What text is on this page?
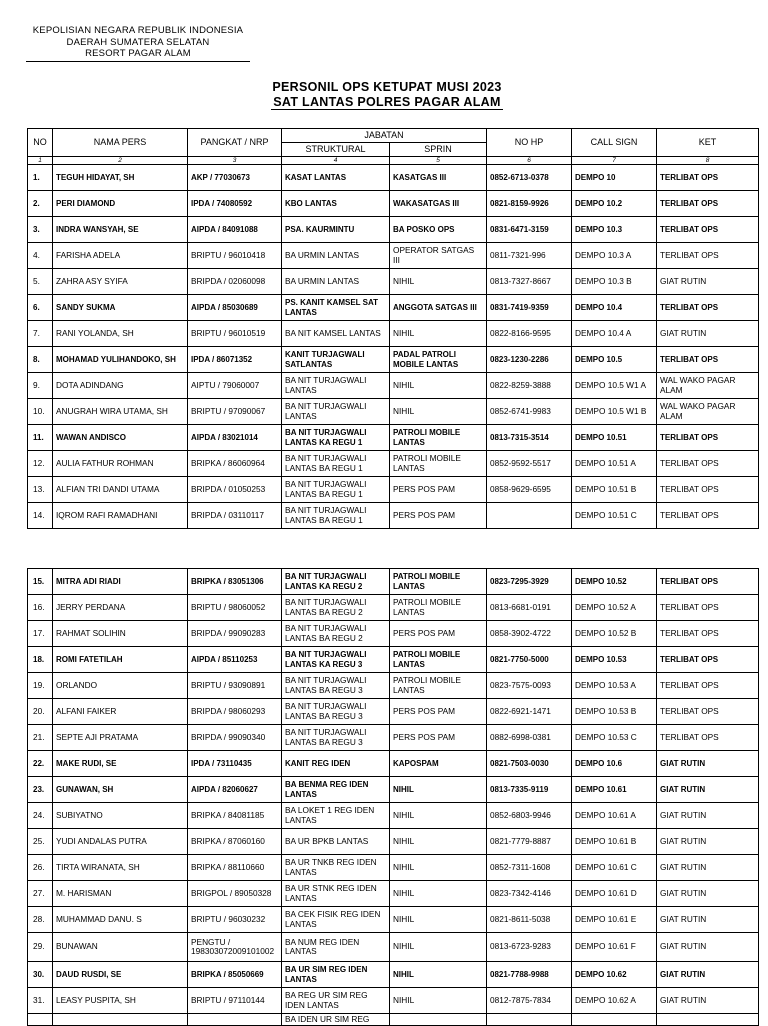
KEPOLISIAN NEGARA REPUBLIK INDONESIA
DAERAH SUMATERA SELATAN
RESORT PAGAR ALAM
PERSONIL OPS KETUPAT MUSI 2023
SAT LANTAS POLRES PAGAR ALAM
NO	NAMA PERS	PANGKAT / NRP	JABATAN		NO HP	CALL SIGN	KET
			STRUKTURAL	SPRIN			
1	2	3	4	5	6	7	8
1.	TEGUH HIDAYAT, SH	AKP / 77030673	KASAT LANTAS	KASATGAS III	0852-6713-0378	DEMPO 10	TERLIBAT OPS
2.	PERI DIAMOND	IPDA / 74080592	KBO LANTAS	WAKASATGAS III	0821-8159-9926	DEMPO 10.2	TERLIBAT OPS
3.	INDRA WANSYAH, SE	AIPDA / 84091088	PSA. KAURMINTU	BA POSKO OPS	0831-6471-3159	DEMPO 10.3	TERLIBAT OPS
4.	FARISHA ADELA	BRIPTU / 96010418	BA URMIN LANTAS	OPERATOR SATGAS III	0811-7321-996	DEMPO 10.3 A	TERLIBAT OPS
5.	ZAHRA ASY SYIFA	BRIPDA / 02060098	BA URMIN LANTAS	NIHIL	0813-7327-8667	DEMPO 10.3 B	GIAT RUTIN
6.	SANDY SUKMA	AIPDA / 85030689	PS. KANIT KAMSEL SAT LANTAS	ANGGOTA SATGAS III	0831-7419-9359	DEMPO 10.4	TERLIBAT OPS
7.	RANI YOLANDA, SH	BRIPTU / 96010519	BA NIT KAMSEL LANTAS	NIHIL	0822-8166-9595	DEMPO 10.4 A	GIAT RUTIN
8.	MOHAMAD YULIHANDOKO, SH	IPDA / 86071352	KANIT TURJAGWALI SATLANTAS	PADAL PATROLI MOBILE LANTAS	0823-1230-2286	DEMPO 10.5	TERLIBAT OPS
9.	DOTA ADINDANG	AIPTU / 79060007	BA NIT TURJAGWALI LANTAS	NIHIL	0822-8259-3888	DEMPO 10.5 W1 A	WAL WAKO PAGAR ALAM
10.	ANUGRAH WIRA UTAMA, SH	BRIPTU / 97090067	BA NIT TURJAGWALI LANTAS	NIHIL	0852-6741-9983	DEMPO 10.5 W1 B	WAL WAKO PAGAR ALAM
11.	WAWAN ANDISCO	AIPDA / 83021014	BA NIT TURJAGWALI LANTAS KA REGU 1	PATROLI MOBILE LANTAS	0813-7315-3514	DEMPO 10.51	TERLIBAT OPS
12.	AULIA FATHUR ROHMAN	BRIPKA / 86060964	BA NIT TURJAGWALI LANTAS BA REGU 1	PATROLI MOBILE LANTAS	0852-9592-5517	DEMPO 10.51 A	TERLIBAT OPS
13.	ALFIAN TRI DANDI UTAMA	BRIPDA / 01050253	BA NIT TURJAGWALI LANTAS BA REGU 1	PERS POS PAM	0858-9629-6595	DEMPO 10.51 B	TERLIBAT OPS
14.	IQROM RAFI RAMADHANI	BRIPDA / 03110117	BA NIT TURJAGWALI LANTAS BA REGU 1	PERS POS PAM		DEMPO 10.51 C	TERLIBAT OPS
15.	MITRA ADI RIADI	BRIPKA / 83051306	BA NIT TURJAGWALI LANTAS KA REGU 2	PATROLI MOBILE LANTAS	0823-7295-3929	DEMPO 10.52	TERLIBAT OPS
16.	JERRY PERDANA	BRIPTU / 98060052	BA NIT TURJAGWALI LANTAS BA REGU 2	PATROLI MOBILE LANTAS	0813-6681-0191	DEMPO 10.52 A	TERLIBAT OPS
17.	RAHMAT SOLIHIN	BRIPDA / 99090283	BA NIT TURJAGWALI LANTAS BA REGU 2	PERS POS PAM	0858-3902-4722	DEMPO 10.52 B	TERLIBAT OPS
18.	ROMI FATETILAH	AIPDA / 85110253	BA NIT TURJAGWALI LANTAS KA REGU 3	PATROLI MOBILE LANTAS	0821-7750-5000	DEMPO 10.53	TERLIBAT OPS
19.	ORLANDO	BRIPTU / 93090891	BA NIT TURJAGWALI LANTAS BA REGU 3	PATROLI MOBILE LANTAS	0823-7575-0093	DEMPO 10.53 A	TERLIBAT OPS
20.	ALFANI FAIKER	BRIPDA / 98060293	BA NIT TURJAGWALI LANTAS BA REGU 3	PERS POS PAM	0822-6921-1471	DEMPO 10.53 B	TERLIBAT OPS
21.	SEPTE AJI PRATAMA	BRIPDA / 99090340	BA NIT TURJAGWALI LANTAS BA REGU 3	PERS POS PAM	0882-6998-0381	DEMPO 10.53 C	TERLIBAT OPS
22.	MAKE RUDI, SE	IPDA / 73110435	KANIT REG IDEN	KAPOSPAM	0821-7503-0030	DEMPO 10.6	GIAT RUTIN
23.	GUNAWAN, SH	AIPDA / 82060627	BA BENMA REG IDEN LANTAS	NIHIL	0813-7335-9119	DEMPO 10.61	GIAT RUTIN
24.	SUBIYATNO	BRIPKA / 84081185	BA LOKET 1 REG IDEN LANTAS	NIHIL	0852-6803-9946	DEMPO 10.61 A	GIAT RUTIN
25.	YUDI ANDALAS PUTRA	BRIPKA / 87060160	BA UR BPKB LANTAS	NIHIL	0821-7779-8887	DEMPO 10.61 B	GIAT RUTIN
26.	TIRTA WIRANATA, SH	BRIPKA / 88110660	BA UR TNKB REG IDEN LANTAS	NIHIL	0852-7311-1608	DEMPO 10.61 C	GIAT RUTIN
27.	M. HARISMAN	BRIGPOL / 89050328	BA UR STNK REG IDEN LANTAS	NIHIL	0823-7342-4146	DEMPO 10.61 D	GIAT RUTIN
28.	MUHAMMAD DANU. S	BRIPTU / 96030232	BA CEK FISIK REG IDEN LANTAS	NIHIL	0821-8611-5038	DEMPO 10.61 E	GIAT RUTIN
29.	BUNAWAN	PENGTU / 198303072009101002	BA NUM REG IDEN LANTAS	NIHIL	0813-6723-9283	DEMPO 10.61 F	GIAT RUTIN
30.	DAUD RUSDI, SE	BRIPKA / 85050669	BA UR SIM REG IDEN LANTAS	NIHIL	0821-7788-9988	DEMPO 10.62	GIAT RUTIN
31.	LEASY PUSPITA, SH	BRIPTU / 97110144	BA REG UR SIM REG IDEN LANTAS	NIHIL	0812-7875-7834	DEMPO 10.62 A	GIAT RUTIN
			BA IDEN UR SIM REG				
